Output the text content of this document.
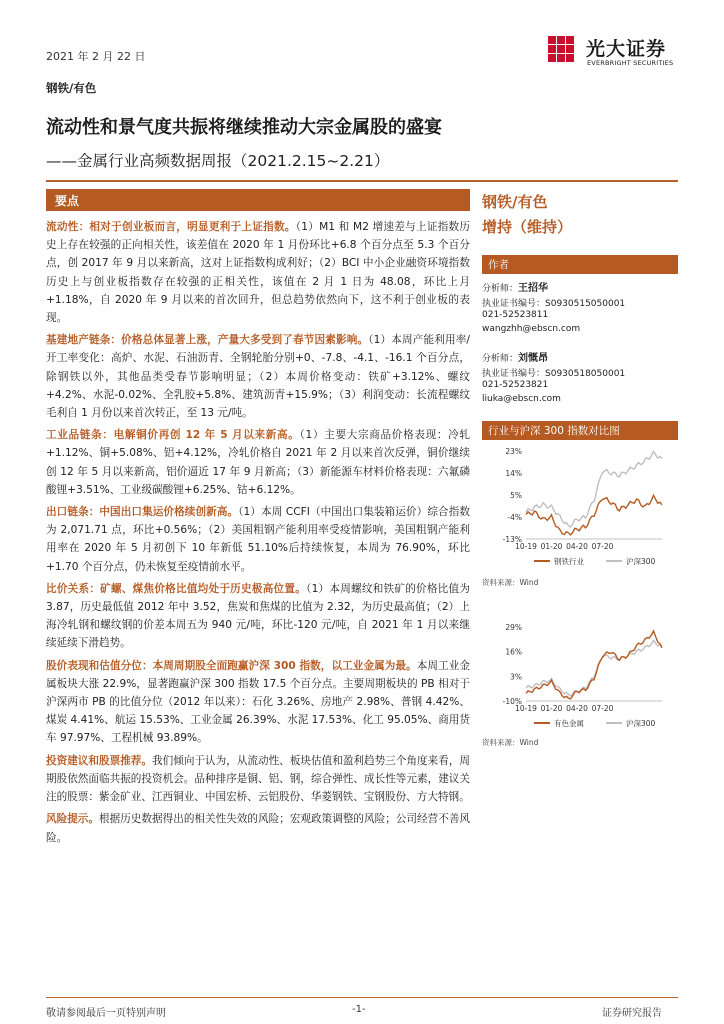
2021 年 2 月 22 日	光大证券
EVERBRIGHT SECURITIES
钢铁/有色
流动性和景气度共振将继续推动大宗金属股的盛宴
——金属行业高频数据周报（2021.2.15~2.21）
要点

流动性：相对于创业板而言，明显更利于上证指数。（1）M1 和 M2 增速差与上证指数历史上存在较强的正向相关性，该差值在 2020 年 1 月份环比+6.8 个百分点至 5.3 个百分点，创 2017 年 9 月以来新高，这对上证指数构成利好；（2）BCI 中小企业融资环境指数历史上与创业板指数存在较强的正相关性，该值在 2 月 1 日为 48.08，环比上月+1.18%，自 2020 年 9 月以来的首次回升，但总趋势依然向下，这不利于创业板的表现。

基建地产链条：价格总体显著上涨，产量大多受到了春节因素影响。（1）本周产能利用率/开工率变化：高炉、水泥、石油沥青、全钢轮胎分别+0、-7.8、-4.1、-16.1 个百分点，除钢铁以外，其他品类受春节影响明显；（2）本周价格变动：铁矿+3.12%、螺纹+4.2%、水泥-0.02%、全乳胶+5.8%、建筑沥青+15.9%；（3）利润变动：长流程螺纹毛利自 1 月份以来首次转正，至 13 元/吨。

工业品链条：电解铜价再创 12 年 5 月以来新高。（1）主要大宗商品价格表现：冷轧+1.12%、铜+5.08%、铝+4.12%，冷轧价格自 2021 年 2 月以来首次反弹，铜价继续创 12 年 5 月以来新高，铝价逼近 17 年 9 月新高；（3）新能源车材料价格表现：六氟磷酸锂+3.51%、工业级碳酸锂+6.25%、钴+6.12%。

出口链条：中国出口集运价格续创新高。（1）本周 CCFI（中国出口集装箱运价）综合指数为 2,071.71 点，环比+0.56%；（2）美国粗钢产能利用率受疫情影响，美国粗钢产能利用率在 2020 年 5 月初创下 10 年新低 51.10%后持续恢复，本周为 76.90%，环比+1.70 个百分点，仍未恢复至疫情前水平。

比价关系：矿螺、煤焦价格比值均处于历史极高位置。（1）本周螺纹和铁矿的价格比值为 3.87，历史最低值 2012 年中 3.52，焦炭和焦煤的比值为 2.32，为历史最高值；（2）上海冷轧钢和螺纹钢的价差本周五为 940 元/吨，环比-120 元/吨，自 2021 年 1 月以来继续延续下滑趋势。

股价表现和估值分位：本周周期股全面跑赢沪深 300 指数，以工业金属为最。本周工业金属板块大涨 22.9%，显著跑赢沪深 300 指数 17.5 个百分点。主要周期板块的 PB 相对于沪深两市 PB 的比值分位（2012 年以来）：石化 3.26%、房地产 2.98%、普钢 4.42%、煤炭 4.41%、航运 15.53%、工业金属 26.39%、水泥 17.53%、化工 95.05%、商用货车 97.97%、工程机械 93.89%。

投资建议和股票推荐。我们倾向于认为，从流动性、板块估值和盈利趋势三个角度来看，周期股依然面临共振的投资机会。品种排序是铜、铝、钢，综合弹性、成长性等元素，建议关注的股票：紫金矿业、江西铜业、中国宏桥、云铝股份、华菱钢铁、宝钢股份、方大特钢。

风险提示。根据历史数据得出的相关性失效的风险；宏观政策调整的风险；公司经营不善风险。

钢铁/有色
增持（维持）
作者
分析师：王招华
执业证书编号：S0930515050001
021-52523811
wangzhh@ebscn.com
分析师：刘慨昂
执业证书编号：S0930518050001
021-52523821
liuka@ebscn.com
行业与沪深 300 指数对比图
23%
14%
5%
-4%
-13%
10-19 01-20 04-20 07-20
钢铁行业	沪深300
资料来源：Wind
29%
16%
3%
-10%
10-19 01-20 04-20 07-20
有色金属	沪深300
资料来源：Wind
敬请参阅最后一页特别声明	-1-	证券研究报告
